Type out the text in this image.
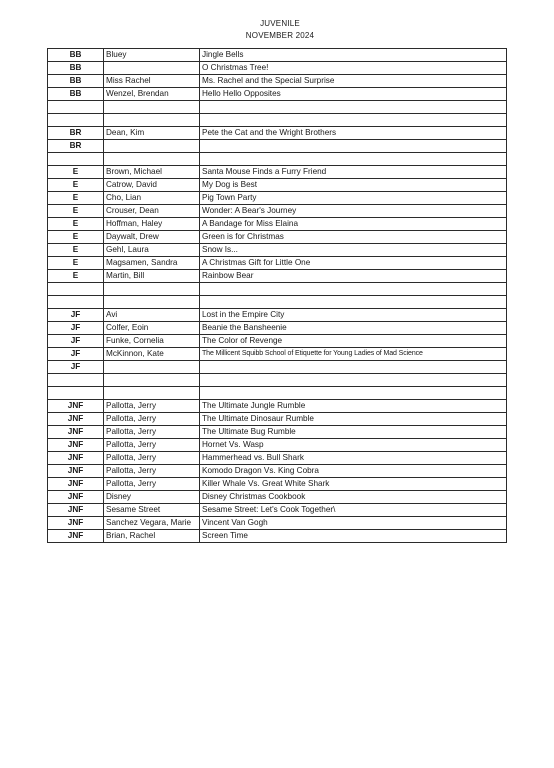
JUVENILE
NOVEMBER 2024
BB	Bluey	Jingle Bells
BB		O Christmas Tree!
BB	Miss Rachel	Ms. Rachel and the Special Surprise
BB	Wenzel, Brendan	Hello Hello Opposites

BR	Dean, Kim	Pete the Cat and the Wright Brothers
BR		

E	Brown, Michael	Santa Mouse Finds a Furry Friend
E	Catrow, David	My Dog is Best
E	Cho, Lian	Pig Town Party
E	Crouser, Dean	Wonder: A Bear's Journey
E	Hoffman, Haley	A Bandage for Miss Elaina
E	Daywalt, Drew	Green is for Christmas
E	Gehl, Laura	Snow Is...
E	Magsamen, Sandra	A Christmas Gift for Little One
E	Martin, Bill	Rainbow Bear

JF	Avi	Lost in the Empire City
JF	Colfer, Eoin	Beanie the Bansheenie
JF	Funke, Cornelia	The Color of Revenge
JF	McKinnon, Kate	The Millicent Squibb School of Etiquette for Young Ladies of Mad Science
JF		

JNF	Pallotta, Jerry	The Ultimate Jungle Rumble
JNF	Pallotta, Jerry	The Ultimate Dinosaur Rumble
JNF	Pallotta, Jerry	The Ultimate Bug Rumble
JNF	Pallotta, Jerry	Hornet Vs. Wasp
JNF	Pallotta, Jerry	Hammerhead vs. Bull Shark
JNF	Pallotta, Jerry	Komodo Dragon Vs. King Cobra
JNF	Pallotta, Jerry	Killer Whale Vs. Great White Shark
JNF	Disney	Disney Christmas Cookbook
JNF	Sesame Street	Sesame Street: Let's Cook Together\
JNF	Sanchez Vegara, Marie	Vincent Van Gogh
JNF	Brian, Rachel	Screen Time
